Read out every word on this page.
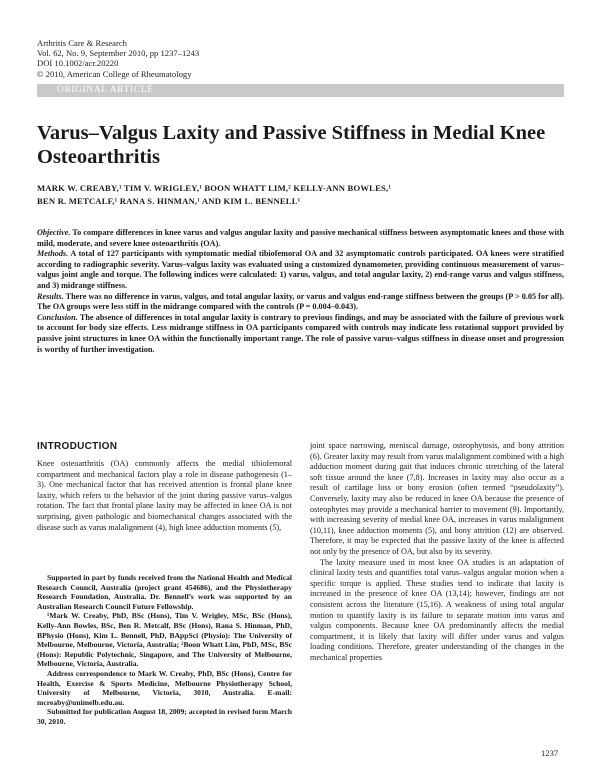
Arthritis Care & Research
Vol. 62, No. 9, September 2010, pp 1237–1243
DOI 10.1002/acr.20220
© 2010, American College of Rheumatology
ORIGINAL ARTICLE
Varus–Valgus Laxity and Passive Stiffness in Medial Knee Osteoarthritis
MARK W. CREABY,¹ TIM V. WRIGLEY,¹ BOON WHATT LIM,² KELLY-ANN BOWLES,¹
BEN R. METCALF,¹ RANA S. HINMAN,¹ AND KIM L. BENNELL¹

Objective. To compare differences in knee varus and valgus angular laxity and passive mechanical stiffness between asymptomatic knees and those with mild, moderate, and severe knee osteoarthritis (OA).

Methods. A total of 127 participants with symptomatic medial tibiofemoral OA and 32 asymptomatic controls participated. OA knees were stratified according to radiographic severity. Varus–valgus laxity was evaluated using a customized dynamometer, providing continuous measurement of varus–valgus joint angle and torque. The following indices were calculated: 1) varus, valgus, and total angular laxity, 2) end-range varus and valgus stiffness, and 3) midrange stiffness.

Results. There was no difference in varus, valgus, and total angular laxity, or varus and valgus end-range stiffness between the groups (P > 0.05 for all). The OA groups were less stiff in the midrange compared with the controls (P = 0.004–0.043).

Conclusion. The absence of differences in total angular laxity is contrary to previous findings, and may be associated with the failure of previous work to account for body size effects. Less midrange stiffness in OA participants compared with controls may indicate less rotational support provided by passive joint structures in knee OA within the functionally important range. The role of passive varus–valgus stiffness in disease onset and progression is worthy of further investigation.

INTRODUCTION

Knee osteoarthritis (OA) commonly affects the medial tibiofemoral compartment and mechanical factors play a role in disease pathogenesis (1–3). One mechanical factor that has received attention is frontal plane knee laxity, which refers to the behavior of the joint during passive varus–valgus rotation. The fact that frontal plane laxity may be affected in knee OA is not surprising, given pathologic and biomechanical changes associated with the disease such as varus malalignment (4), high knee adduction moments (5),

Supported in part by funds received from the National Health and Medical Research Council, Australia (project grant 454686), and the Physiotherapy Research Foundation, Australia. Dr. Bennell’s work was supported by an Australian Research Council Future Fellowship.

¹Mark W. Creaby, PhD, BSc (Hons), Tim V. Wrigley, MSc, BSc (Hons), Kelly-Ann Bowles, BSc, Ben R. Metcalf, BSc (Hons), Rana S. Hinman, PhD, BPhysio (Hons), Kim L. Bennell, PhD, BAppSci (Physio): The University of Melbourne, Melbourne, Victoria, Australia; ²Boon Whatt Lim, PhD, MSc, BSc (Hons): Republic Polytechnic, Singapore, and The University of Melbourne, Melbourne, Victoria, Australia.

Address correspondence to Mark W. Creaby, PhD, BSc (Hons), Centre for Health, Exercise & Sports Medicine, Melbourne Physiotherapy School, University of Melbourne, Victoria, 3010, Australia. E-mail: mcreaby@unimelb.edu.au.

Submitted for publication August 18, 2009; accepted in revised form March 30, 2010.

joint space narrowing, meniscal damage, osteophytosis, and bony attrition (6). Greater laxity may result from varus malalignment combined with a high adduction moment during gait that induces chronic stretching of the lateral soft tissue around the knee (7,8). Increases in laxity may also occur as a result of cartilage loss or bony erosion (often termed “pseudolaxity”). Conversely, laxity may also be reduced in knee OA because the presence of osteophytes may provide a mechanical barrier to movement (9). Importantly, with increasing severity of medial knee OA, increases in varus malalignment (10,11), knee adduction moments (5), and bony attrition (12) are observed. Therefore, it may be expected that the passive laxity of the knee is affected not only by the presence of OA, but also by its severity.

The laxity measure used in most knee OA studies is an adaptation of clinical laxity tests and quantifies total varus–valgus angular motion when a specific torque is applied. These studies tend to indicate that laxity is increased in the presence of knee OA (13,14); however, findings are not consistent across the literature (15,16). A weakness of using total angular motion to quantify laxity is its failure to separate motion into varus and valgus components. Because knee OA predominantly affects the medial compartment, it is likely that laxity will differ under varus and valgus loading conditions. Therefore, greater understanding of the changes in the mechanical properties

1237
